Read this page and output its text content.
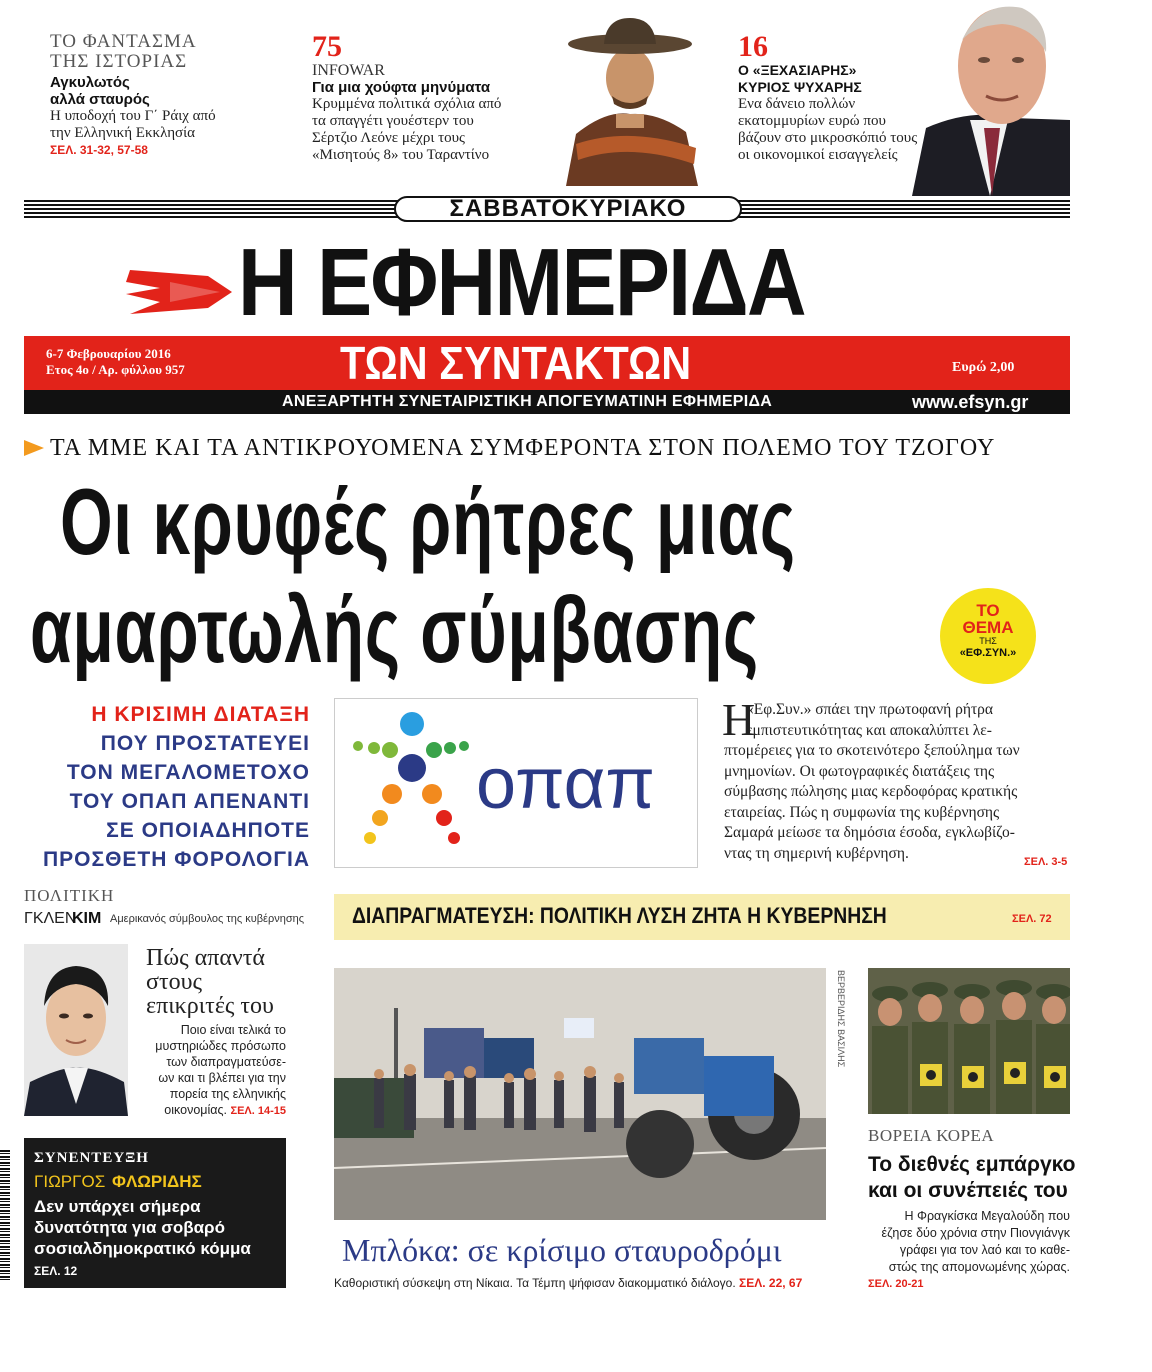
ΤΟ ΦΑΝΤΑΣΜΑ
ΤΗΣ ΙΣΤΟΡΙΑΣ
Αγκυλωτός
αλλά σταυρός
Η υποδοχή του Γ΄ Ράιχ από
την Ελληνική Εκκλησία
ΣΕΛ. 31-32, 57-58
75
INFOWAR
Για μια χούφτα μηνύματα
Κρυμμένα πολιτικά σχόλια από
τα σπαγγέτι γουέστερν του
Σέρτζιο Λεόνε μέχρι τους
«Μισητούς 8» του Ταραντίνο
16
Ο «ΞΕΧΑΣΙΑΡΗΣ»
ΚΥΡΙΟΣ ΨΥΧΑΡΗΣ
Ενα δάνειο πολλών
εκατομμυρίων ευρώ που
βάζουν στο μικροσκόπιό τους
οι οικονομικοί εισαγγελείς
ΣΑΒΒΑΤΟΚΥΡΙΑΚΟ
Η ΕΦΗΜΕΡΙΔΑ
6-7 Φεβρουαρίου 2016
Ετος 4ο / Αρ. φύλλου 957	ΤΩΝ ΣΥΝΤΑΚΤΩΝ	Ευρώ 2,00
ΑΝΕΞΑΡΤΗΤΗ ΣΥΝΕΤΑΙΡΙΣΤΙΚΗ ΑΠΟΓΕΥΜΑΤΙΝΗ ΕΦΗΜΕΡΙΔΑ	www.efsyn.gr
ΤΑ ΜΜΕ ΚΑΙ ΤΑ ΑΝΤΙΚΡΟΥΟΜΕΝΑ ΣΥΜΦΕΡΟΝΤΑ ΣΤΟΝ ΠΟΛΕΜΟ ΤΟΥ ΤΖΟΓΟΥ
Οι κρυφές ρήτρες μιας
αμαρτωλής σύμβασης	ΤΟ
ΘΕΜΑ
ΤΗΣ
«ΕΦ.ΣΥΝ.»
Η ΚΡΙΣΙΜΗ ΔΙΑΤΑΞΗ
ΠΟΥ ΠΡΟΣΤΑΤΕΥΕΙ
ΤΟΝ ΜΕΓΑΛΟΜΕΤΟΧΟ
ΤΟΥ ΟΠΑΠ ΑΠΕΝΑΝΤΙ
ΣΕ ΟΠΟΙΑΔΗΠΟΤΕ
ΠΡΟΣΘΕΤΗ ΦΟΡΟΛΟΓΙΑ
οπαπ
Η
«Εφ.Συν.» σπάει την πρωτοφανή ρήτρα
εμπιστευτικότητας και αποκαλύπτει λε-
πτομέρειες για το σκοτεινότερο ξεπούλημα των
μνημονίων. Οι φωτογραφικές διατάξεις της
σύμβασης πώλησης μιας κερδοφόρας κρατικής
εταιρείας. Πώς η συμφωνία της κυβέρνησης
Σαμαρά μείωσε τα δημόσια έσοδα, εγκλωβίζο-
ντας τη σημερινή κυβέρνηση.
ΣΕΛ. 3-5
ΠΟΛΙΤΙΚΗ
ΓΚΛΕΝ
ΚΙΜ Αμερικανός σύμβουλος της κυβέρνησης
Πώς απαντά
στους
επικριτές του
Ποιο είναι τελικά το
μυστηριώδες πρόσωπο
των διαπραγματεύσε-
ων και τι βλέπει για την
πορεία της ελληνικής
οικονομίας. ΣΕΛ. 14-15
ΣΥΝΕΝΤΕΥΞΗ
ΓΙΩΡΓΟΣ ΦΛΩΡΙΔΗΣ
Δεν υπάρχει σήμερα
δυνατότητα για σοβαρό
σοσιαλδημοκρατικό κόμμα
ΣΕΛ. 12
ΔΙΑΠΡΑΓΜΑΤΕΥΣΗ: ΠΟΛΙΤΙΚΗ ΛΥΣΗ ΖΗΤΑ Η ΚΥΒΕΡΝΗΣΗ	ΣΕΛ. 72
ΒΕΡΒΕΡΙΔΗΣ ΒΑΣΙΛΗΣ
Μπλόκα: σε κρίσιμο σταυροδρόμι
Καθοριστική σύσκεψη στη Νίκαια. Τα Τέμπη ψήφισαν διακομματικό διάλογο. ΣΕΛ. 22, 67
ΒΟΡΕΙΑ ΚΟΡΕΑ
Το διεθνές εμπάργκο
και οι συνέπειές του
Η Φραγκίσκα Μεγαλούδη που
έζησε δύο χρόνια στην Πιονγιάνγκ
γράφει για τον λαό και το καθε-
στώς της απομονωμένης χώρας.
ΣΕΛ. 20-21
